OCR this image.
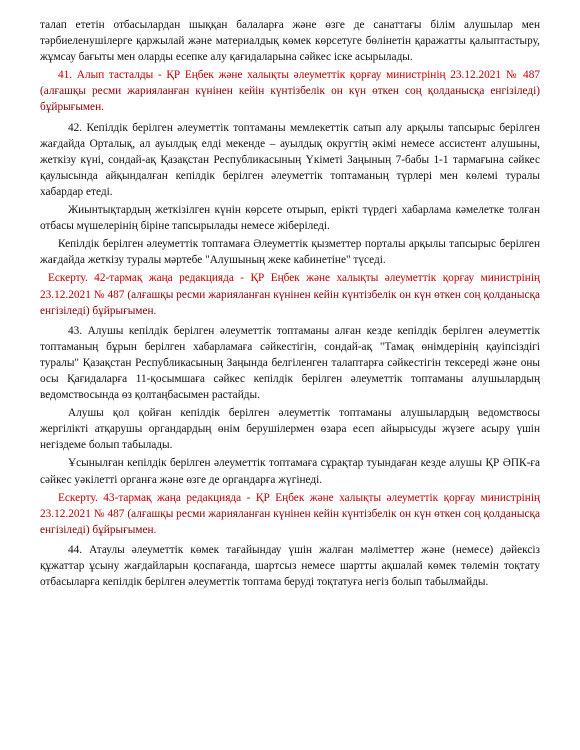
талап ететін отбасылардан шыққан балаларға және өзге де санаттағы білім алушылар мен тәрбиеленушілерге қаржылай және материалдық көмек көрсетуге бөлінетін қаражатты қалыптастыру, жұмсау бағыты мен оларды есепке алу қағидаларына сәйкес іске асырылады.

41. Алып тасталды - ҚР Еңбек және халықты әлеуметтік қорғау министрінің 23.12.2021 № 487 (алғашқы ресми жарияланған күнінен кейін күнтізбелік он күн өткен соң қолданысқа енгізіледі) бұйрығымен.

42. Кепілдік берілген әлеуметтік топтаманы мемлекеттік сатып алу арқылы тапсырыс берілген жағдайда Орталық, ал ауылдық елді мекенде – ауылдық округтің әкімі немесе ассистент алушыны, жеткізу күні, сондай-ақ Қазақстан Республикасының Үкіметі Заңының 7-бабы 1-1 тармағына сәйкес қаулысында айқындалған кепілдік берілген әлеуметтік топтаманың түрлері мен көлемі туралы хабардар етеді.

Жиынтықтардың жеткізілген күнін көрсете отырып, ерікті түрдегі хабарлама кәмелетке толған отбасы мүшелерінің біріне тапсырылады немесе жіберіледі.

Кепілдік берілген әлеуметтік топтамаға Әлеуметтік қызметтер порталы арқылы тапсырыс берілген жағдайда жеткізу туралы мәртебе "Алушының жеке кабинетіне" түседі.

Ескерту. 42-тармақ жаңа редакцияда - ҚР Еңбек және халықты әлеуметтік қорғау министрінің 23.12.2021 № 487 (алғашқы ресми жарияланған күнінен кейін күнтізбелік он күн өткен соң қолданысқа енгізіледі) бұйрығымен.

43. Алушы кепілдік берілген әлеуметтік топтаманы алған кезде кепілдік берілген әлеуметтік топтаманың бұрын берілген хабарламаға сәйкестігін, сондай-ақ "Тамақ өнімдерінің қауіпсіздігі туралы" Қазақстан Республикасының Заңында белгіленген талаптарға сәйкестігін тексереді және оны осы Қағидаларға 11-қосымшаға сәйкес кепілдік берілген әлеуметтік топтаманы алушылардың ведомствосында өз қолтаңбасымен растайды.

Алушы қол қойған кепілдік берілген әлеуметтік топтаманы алушылардың ведомствосы жергілікті атқарушы органдардың өнім берушілермен өзара есеп айырысуды жүзеге асыру үшін негіздеме болып табылады.

Ұсынылған кепілдік берілген әлеуметтік топтамаға сұрақтар туындаған кезде алушы ҚР ӘПК-ға сәйкес уәкілетті органға және өзге де органдарға жүгінеді.

Ескерту. 43-тармақ жаңа редакцияда - ҚР Еңбек және халықты әлеуметтік қорғау министрінің 23.12.2021 № 487 (алғашқы ресми жарияланған күнінен кейін күнтізбелік он күн өткен соң қолданысқа енгізіледі) бұйрығымен.

44. Атаулы әлеуметтік көмек тағайындау үшін жалған мәліметтер және (немесе) дәйексіз құжаттар ұсыну жағдайларын қоспағанда, шартсыз немесе шартты ақшалай көмек төлемін тоқтату отбасыларға кепілдік берілген әлеуметтік топтама беруді тоқтатуға негіз болып табылмайды.
